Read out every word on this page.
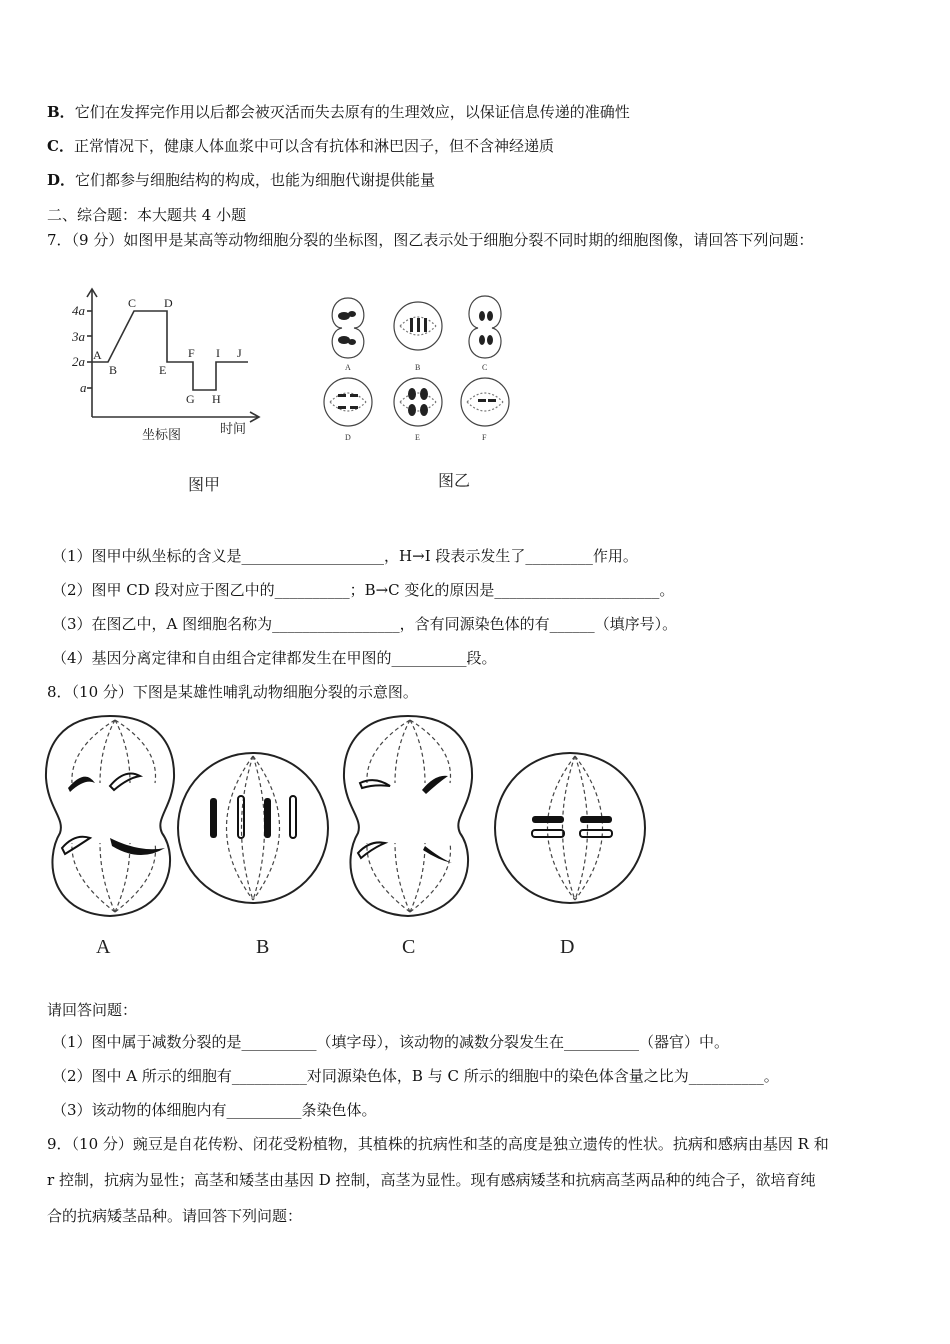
B．它们在发挥完作用以后都会被灭活而失去原有的生理效应，以保证信息传递的准确性
C．正常情况下，健康人体血浆中可以含有抗体和淋巴因子，但不含神经递质
D．它们都参与细胞结构的构成，也能为细胞代谢提供能量
二、综合题：本大题共 4 小题
7．（9 分）如图甲是某高等动物细胞分裂的坐标图，图乙表示处于细胞分裂不同时期的细胞图像，请回答下列问题：
4a
3a
2a
a
A
B
C D
E
F
G H
I J
时间
坐标图
图甲
A	B	C
D	E	F
图乙
（1）图甲中纵坐标的含义是___________________，H→I 段表示发生了_________作用。
（2）图甲 CD 段对应于图乙中的__________；B→C 变化的原因是______________________。
（3）在图乙中，A 图细胞名称为_________________，含有同源染色体的有______（填序号）。
（4）基因分离定律和自由组合定律都发生在甲图的__________段。
8．（10 分）下图是某雄性哺乳动物细胞分裂的示意图。
A	B	C	D
请回答问题：
（1）图中属于减数分裂的是__________（填字母），该动物的减数分裂发生在__________（器官）中。
（2）图中 A 所示的细胞有__________对同源染色体，B 与 C 所示的细胞中的染色体含量之比为__________。
（3）该动物的体细胞内有__________条染色体。
9．（10 分）豌豆是自花传粉、闭花受粉植物，其植株的抗病性和茎的高度是独立遗传的性状。抗病和感病由基因 R 和
r 控制，抗病为显性；高茎和矮茎由基因 D 控制，高茎为显性。现有感病矮茎和抗病高茎两品种的纯合子，欲培育纯
合的抗病矮茎品种。请回答下列问题：
